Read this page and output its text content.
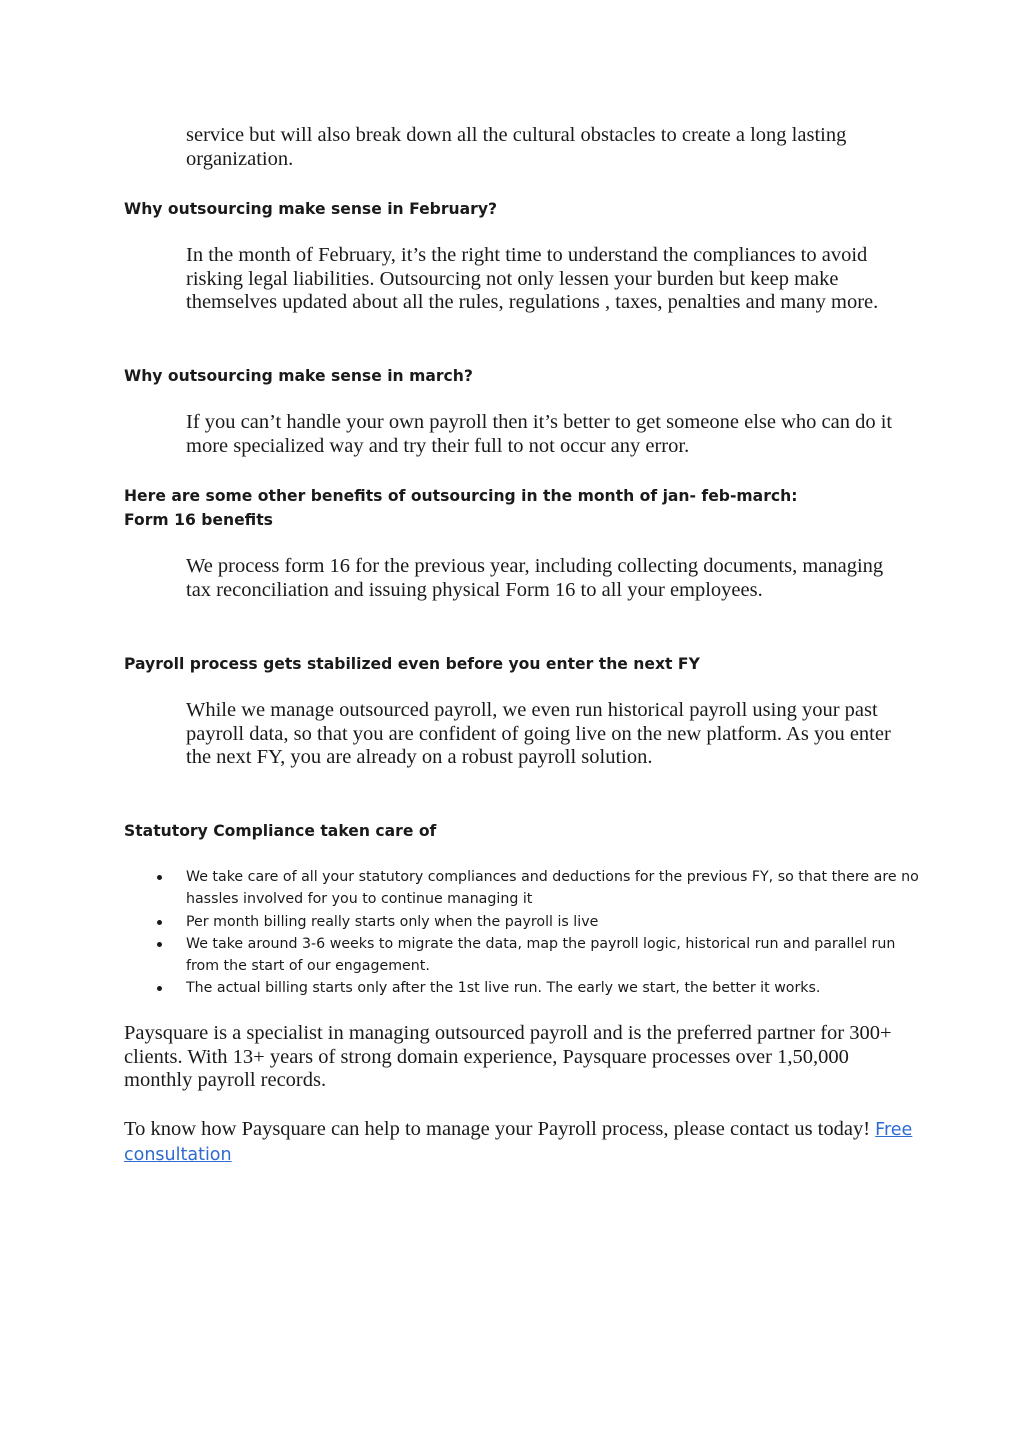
service but will also break down all the cultural obstacles to create a long lasting organization.

Why outsourcing make sense in February?

In the month of February, it’s the right time to understand the compliances to avoid risking legal liabilities. Outsourcing not only lessen your burden but keep make themselves updated about all the rules, regulations , taxes, penalties and many more.

Why outsourcing make sense in march?

If you can’t handle your own payroll then it’s better to get someone else who can do it more specialized way and try their full to not occur any error.

Here are some other benefits of outsourcing in the month of jan- feb-march:
Form 16 benefits

We process form 16 for the previous year, including collecting documents, managing tax reconciliation and issuing physical Form 16 to all your employees.

Payroll process gets stabilized even before you enter the next FY

While we manage outsourced payroll, we even run historical payroll using your past payroll data, so that you are confident of going live on the new platform. As you enter the next FY, you are already on a robust payroll solution.

Statutory Compliance taken care of
We take care of all your statutory compliances and deductions for the previous FY, so that there are no hassles involved for you to continue managing it
Per month billing really starts only when the payroll is live
We take around 3-6 weeks to migrate the data, map the payroll logic, historical run and parallel run from the start of our engagement.
The actual billing starts only after the 1st live run. The early we start, the better it works.

Paysquare is a specialist in managing outsourced payroll and is the preferred partner for 300+ clients. With 13+ years of strong domain experience, Paysquare processes over 1,50,000 monthly payroll records.

To know how Paysquare can help to manage your Payroll process, please contact us today! Free consultation
